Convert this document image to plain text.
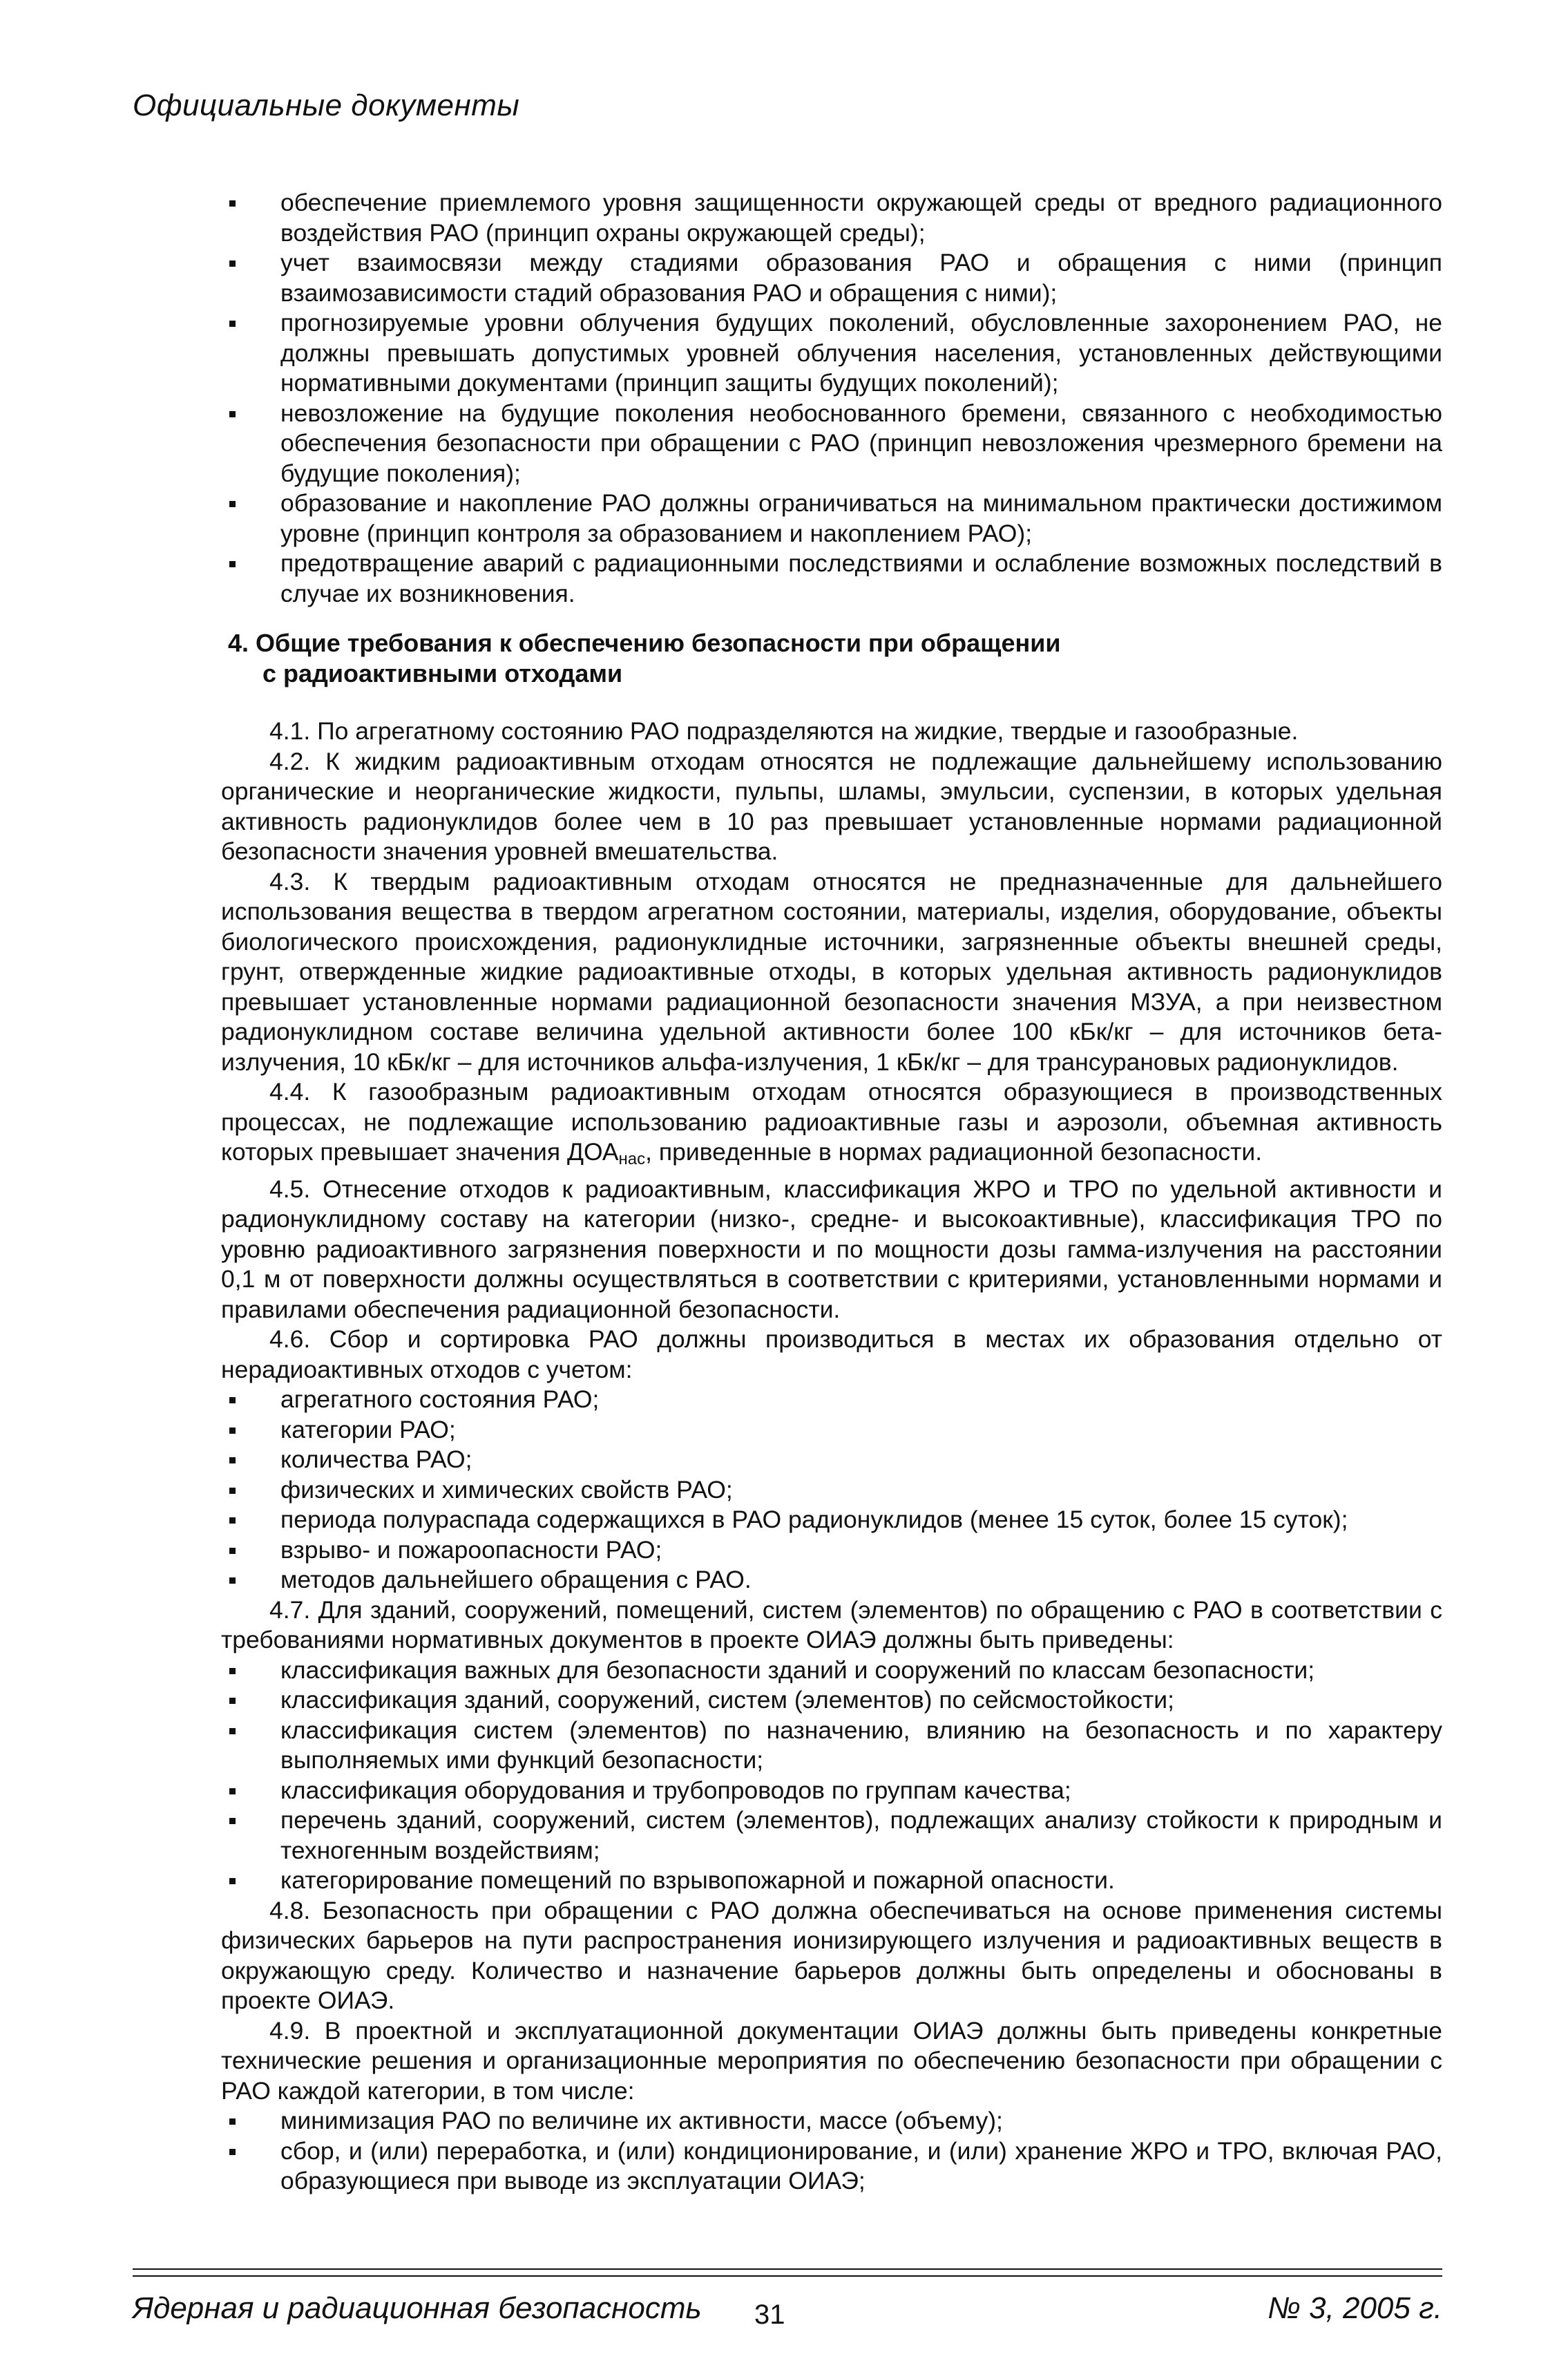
Официальные документы
обеспечение приемлемого уровня защищенности окружающей среды от вредного радиационного воздействия РАО (принцип охраны окружающей среды);
учет взаимосвязи между стадиями образования РАО и обращения с ними (принцип взаимозависимости стадий образования РАО и обращения с ними);
прогнозируемые уровни облучения будущих поколений, обусловленные захоронением РАО, не должны превышать допустимых уровней облучения населения, установленных действующими нормативными документами (принцип защиты будущих поколений);
невозложение на будущие поколения необоснованного бремени, связанного с необходимостью обеспечения безопасности при обращении с РАО (принцип невозложения чрезмерного бремени на будущие поколения);
образование и накопление РАО должны ограничиваться на минимальном практически достижимом уровне (принцип контроля за образованием и накоплением РАО);
предотвращение аварий с радиационными последствиями и ослабление возможных последствий в случае их возникновения.
4. Общие требования к обеспечению безопасности при обращении
с радиоактивными отходами

4.1. По агрегатному состоянию РАО подразделяются на жидкие, твердые и газообразные.

4.2. К жидким радиоактивным отходам относятся не подлежащие дальнейшему использованию органические и неорганические жидкости, пульпы, шламы, эмульсии, суспензии, в которых удельная активность радионуклидов более чем в 10 раз превышает установленные нормами радиационной безопасности значения уровней вмешательства.

4.3. К твердым радиоактивным отходам относятся не предназначенные для дальнейшего использования вещества в твердом агрегатном состоянии, материалы, изделия, оборудование, объекты биологического происхождения, радионуклидные источники, загрязненные объекты внешней среды, грунт, отвержденные жидкие радиоактивные отходы, в которых удельная активность радионуклидов превышает установленные нормами радиационной безопасности значения МЗУА, а при неизвестном радионуклидном составе величина удельной активности более 100 кБк/кг – для источников бета-излучения, 10 кБк/кг – для источников альфа-излучения, 1 кБк/кг – для трансурановых радионуклидов.

4.4. К газообразным радиоактивным отходам относятся образующиеся в производственных процессах, не подлежащие использованию радиоактивные газы и аэрозоли, объемная активность которых превышает значения $ДОА_{нас}$, приведенные в нормах радиационной безопасности.

4.5. Отнесение отходов к радиоактивным, классификация ЖРО и ТРО по удельной активности и радионуклидному составу на категории (низко-, средне- и высокоактивные), классификация ТРО по уровню радиоактивного загрязнения поверхности и по мощности дозы гамма-излучения на расстоянии 0,1 м от поверхности должны осуществляться в соответствии с критериями, установленными нормами и правилами обеспечения радиационной безопасности.

4.6. Сбор и сортировка РАО должны производиться в местах их образования отдельно от нерадиоактивных отходов с учетом:

агрегатного состояния РАО;
категории РАО;
количества РАО;
физических и химических свойств РАО;
периода полураспада содержащихся в РАО радионуклидов (менее 15 суток, более 15 суток);
взрыво- и пожароопасности РАО;
методов дальнейшего обращения с РАО.

4.7. Для зданий, сооружений, помещений, систем (элементов) по обращению с РАО в соответствии с требованиями нормативных документов в проекте ОИАЭ должны быть приведены:

классификация важных для безопасности зданий и сооружений по классам безопасности;
классификация зданий, сооружений, систем (элементов) по сейсмостойкости;
классификация систем (элементов) по назначению, влиянию на безопасность и по характеру выполняемых ими функций безопасности;
классификация оборудования и трубопроводов по группам качества;
перечень зданий, сооружений, систем (элементов), подлежащих анализу стойкости к природным и техногенным воздействиям;
категорирование помещений по взрывопожарной и пожарной опасности.

4.8. Безопасность при обращении с РАО должна обеспечиваться на основе применения системы физических барьеров на пути распространения ионизирующего излучения и радиоактивных веществ в окружающую среду. Количество и назначение барьеров должны быть определены и обоснованы в проекте ОИАЭ.

4.9. В проектной и эксплуатационной документации ОИАЭ должны быть приведены конкретные технические решения и организационные мероприятия по обеспечению безопасности при обращении с РАО каждой категории, в том числе:

минимизация РАО по величине их активности, массе (объему);
сбор, и (или) переработка, и (или) кондиционирование, и (или) хранение ЖРО и ТРО, включая РАО, образующиеся при выводе из эксплуатации ОИАЭ;
Ядерная и радиационная безопасность 31	№ 3, 2005 г.
